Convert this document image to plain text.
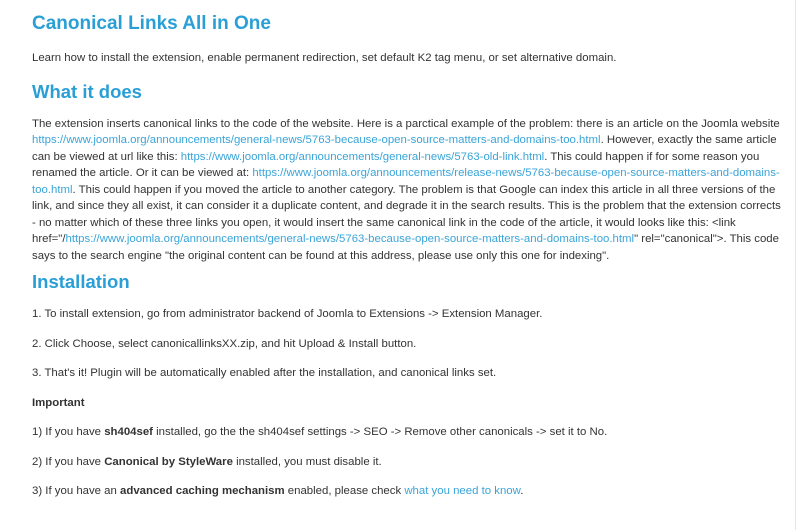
Canonical Links All in One

Learn how to install the extension, enable permanent redirection, set default K2 tag menu, or set alternative domain.

What it does

The extension inserts canonical links to the code of the website. Here is a parctical example of the problem: there is an article on the Joomla website https://www.joomla.org/announcements/general-news/5763-because-open-source-matters-and-domains-too.html. However, exactly the same article can be viewed at url like this: https://www.joomla.org/announcements/general-news/5763-old-link.html. This could happen if for some reason you renamed the article. Or it can be viewed at: https://www.joomla.org/announcements/release-news/5763-because-open-source-matters-and-domains-too.html. This could happen if you moved the article to another category. The problem is that Google can index this article in all three versions of the link, and since they all exist, it can consider it a duplicate content, and degrade it in the search results. This is the problem that the extension corrects - no matter which of these three links you open, it would insert the same canonical link in the code of the article, it would looks like this: <link href="/https://www.joomla.org/announcements/general-news/5763-because-open-source-matters-and-domains-too.html" rel="canonical">. This code says to the search engine "the original content can be found at this address, please use only this one for indexing".

Installation

1. To install extension, go from administrator backend of Joomla to Extensions -> Extension Manager.

2. Click Choose, select canonicallinksXX.zip, and hit Upload & Install button.

3. That's it! Plugin will be automatically enabled after the installation, and canonical links set.

Important

1) If you have sh404sef installed, go the the sh404sef settings -> SEO -> Remove other canonicals -> set it to No.

2) If you have Canonical by StyleWare installed, you must disable it.

3) If you have an advanced caching mechanism enabled, please check what you need to know.
